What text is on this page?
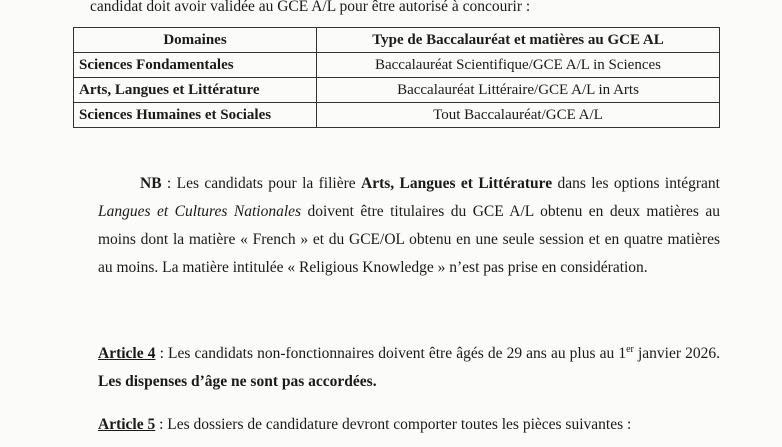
candidat doit avoir validée au GCE A/L pour être autorisé à concourir :
Domaines	Type de Baccalauréat et matières au GCE AL
Sciences Fondamentales	Baccalauréat Scientifique/GCE A/L in Sciences
Arts, Langues et Littérature	Baccalauréat Littéraire/GCE A/L in Arts
Sciences Humaines et Sociales	Tout Baccalauréat/GCE A/L
NB : Les candidats pour la filière Arts, Langues et Littérature dans les options intégrant Langues et Cultures Nationales doivent être titulaires du GCE A/L obtenu en deux matières au moins dont la matière « French » et du GCE/OL obtenu en une seule session et en quatre matières au moins. La matière intitulée « Religious Knowledge » n’est pas prise en considération.
Article 4 : Les candidats non-fonctionnaires doivent être âgés de 29 ans au plus au 1er janvier 2026. Les dispenses d’âge ne sont pas accordées.
Article 5 : Les dossiers de candidature devront comporter toutes les pièces suivantes :
